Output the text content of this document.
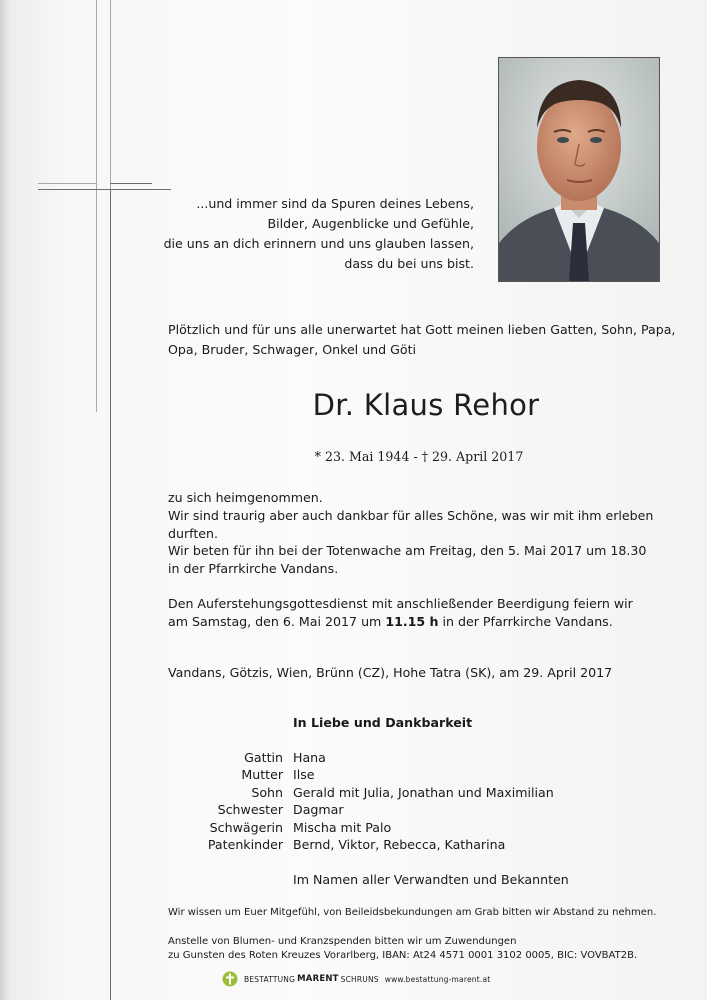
...und immer sind da Spuren deines Lebens,
Bilder, Augenblicke und Gefühle,
die uns an dich erinnern und uns glauben lassen,
dass du bei uns bist.
Plötzlich und für uns alle unerwartet hat Gott meinen lieben Gatten, Sohn, Papa,
Opa, Bruder, Schwager, Onkel und Göti
Dr. Klaus Rehor
* 23. Mai 1944 - † 29. April 2017
zu sich heimgenommen.
Wir sind traurig aber auch dankbar für alles Schöne, was wir mit ihm erleben durften.
Wir beten für ihn bei der Totenwache am Freitag, den 5. Mai 2017 um 18.30
in der Pfarrkirche Vandans.
Den Auferstehungsgottesdienst mit anschließender Beerdigung feiern wir
am Samstag, den 6. Mai 2017 um 11.15 h in der Pfarrkirche Vandans.
Vandans, Götzis, Wien, Brünn (CZ), Hohe Tatra (SK), am 29. April 2017
In Liebe und Dankbarkeit
Gattin Hana
Mutter Ilse
Sohn Gerald mit Julia, Jonathan und Maximilian
Schwester Dagmar
Schwägerin Mischa mit Palo
Patenkinder Bernd, Viktor, Rebecca, Katharina
Im Namen aller Verwandten und Bekannten
Wir wissen um Euer Mitgefühl, von Beileidsbekundungen am Grab bitten wir Abstand zu nehmen.
Anstelle von Blumen- und Kranzspenden bitten wir um Zuwendungen
zu Gunsten des Roten Kreuzes Vorarlberg, IBAN: At24 4571 0001 3102 0005, BIC: VOVBAT2B.
BESTATTUNG MARENT SCHRUNS www.bestattung-marent.at
